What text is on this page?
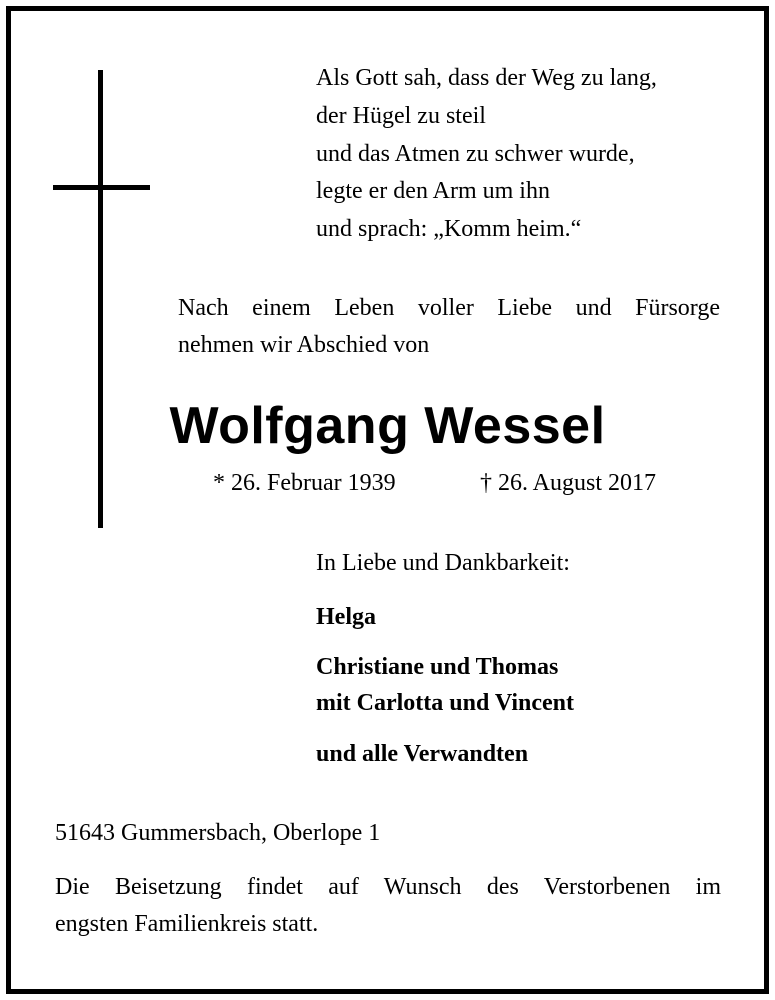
Als Gott sah, dass der Weg zu lang,
der Hügel zu steil
und das Atmen zu schwer wurde,
legte er den Arm um ihn
und sprach: „Komm heim.“
Nach einem Leben voller Liebe und Fürsorge
nehmen wir Abschied von
Wolfgang Wessel
* 26. Februar 1939	† 26. August 2017
In Liebe und Dankbarkeit:
Helga
Christiane und Thomas
mit Carlotta und Vincent
und alle Verwandten
51643 Gummersbach, Oberlope 1
Die Beisetzung findet auf Wunsch des Verstorbenen im
engsten Familienkreis statt.
